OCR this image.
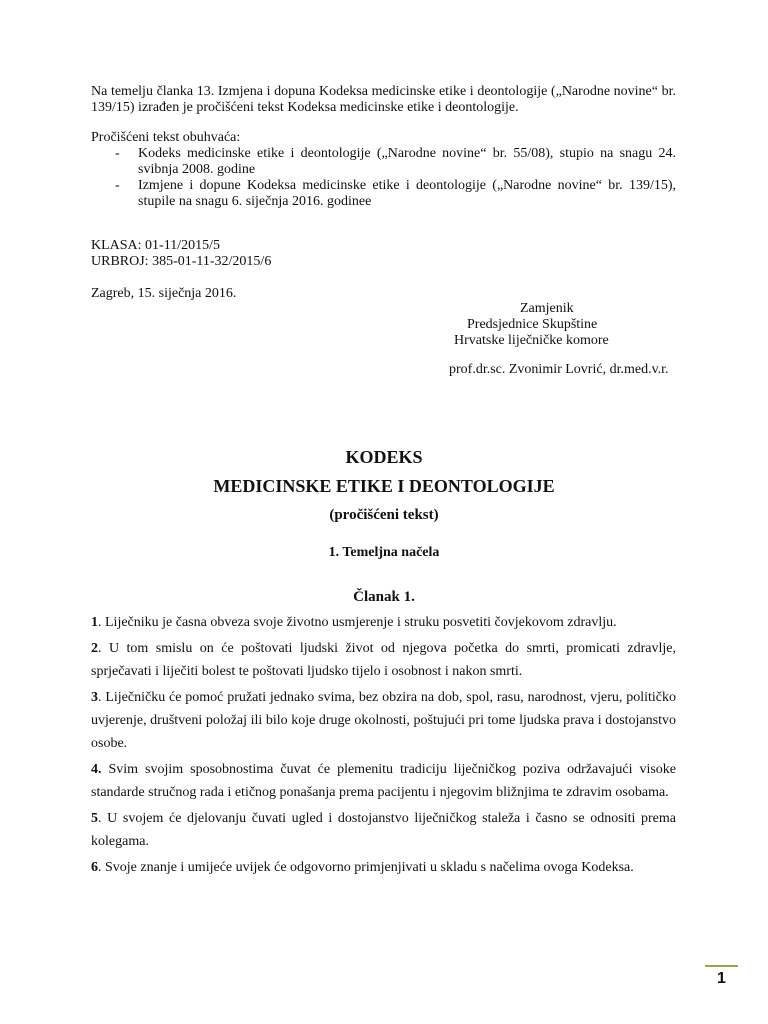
Na temelju članka 13. Izmjena i dopuna Kodeksa medicinske etike i deontologije („Narodne novine“ br. 139/15) izrađen je pročišćeni tekst Kodeksa medicinske etike i deontologije.
Pročišćeni tekst obuhvaća:
- Kodeks medicinske etike i deontologije („Narodne novine“ br. 55/08), stupio na snagu 24. svibnja 2008. godine
- Izmjene i dopune Kodeksa medicinske etike i deontologije („Narodne novine“ br. 139/15), stupile na snagu 6. siječnja 2016. godinee
KLASA: 01-11/2015/5
URBROJ: 385-01-11-32/2015/6
Zagreb, 15. siječnja 2016.
Zamjenik
Predsjednice Skupštine
Hrvatske liječničke komore
prof.dr.sc. Zvonimir Lovrić, dr.med.v.r.
KODEKS
MEDICINSKE ETIKE I DEONTOLOGIJE
(pročišćeni tekst)
1. Temeljna načela
Članak 1.

1. Liječniku je časna obveza svoje životno usmjerenje i struku posvetiti čovjekovom zdravlju.

2. U tom smislu on će poštovati ljudski život od njegova početka do smrti, promicati zdravlje, sprječavati i liječiti bolest te poštovati ljudsko tijelo i osobnost i nakon smrti.

3. Liječničku će pomoć pružati jednako svima, bez obzira na dob, spol, rasu, narodnost, vjeru, političko uvjerenje, društveni položaj ili bilo koje druge okolnosti, poštujući pri tome ljudska prava i dostojanstvo osobe.

4. Svim svojim sposobnostima čuvat će plemenitu tradiciju liječničkog poziva održavajući visoke standarde stručnog rada i etičnog ponašanja prema pacijentu i njegovim bližnjima te zdravim osobama.

5. U svojem će djelovanju čuvati ugled i dostojanstvo liječničkog staleža i časno se odnositi prema kolegama.

6. Svoje znanje i umijeće uvijek će odgovorno primjenjivati u skladu s načelima ovoga Kodeksa.

1
